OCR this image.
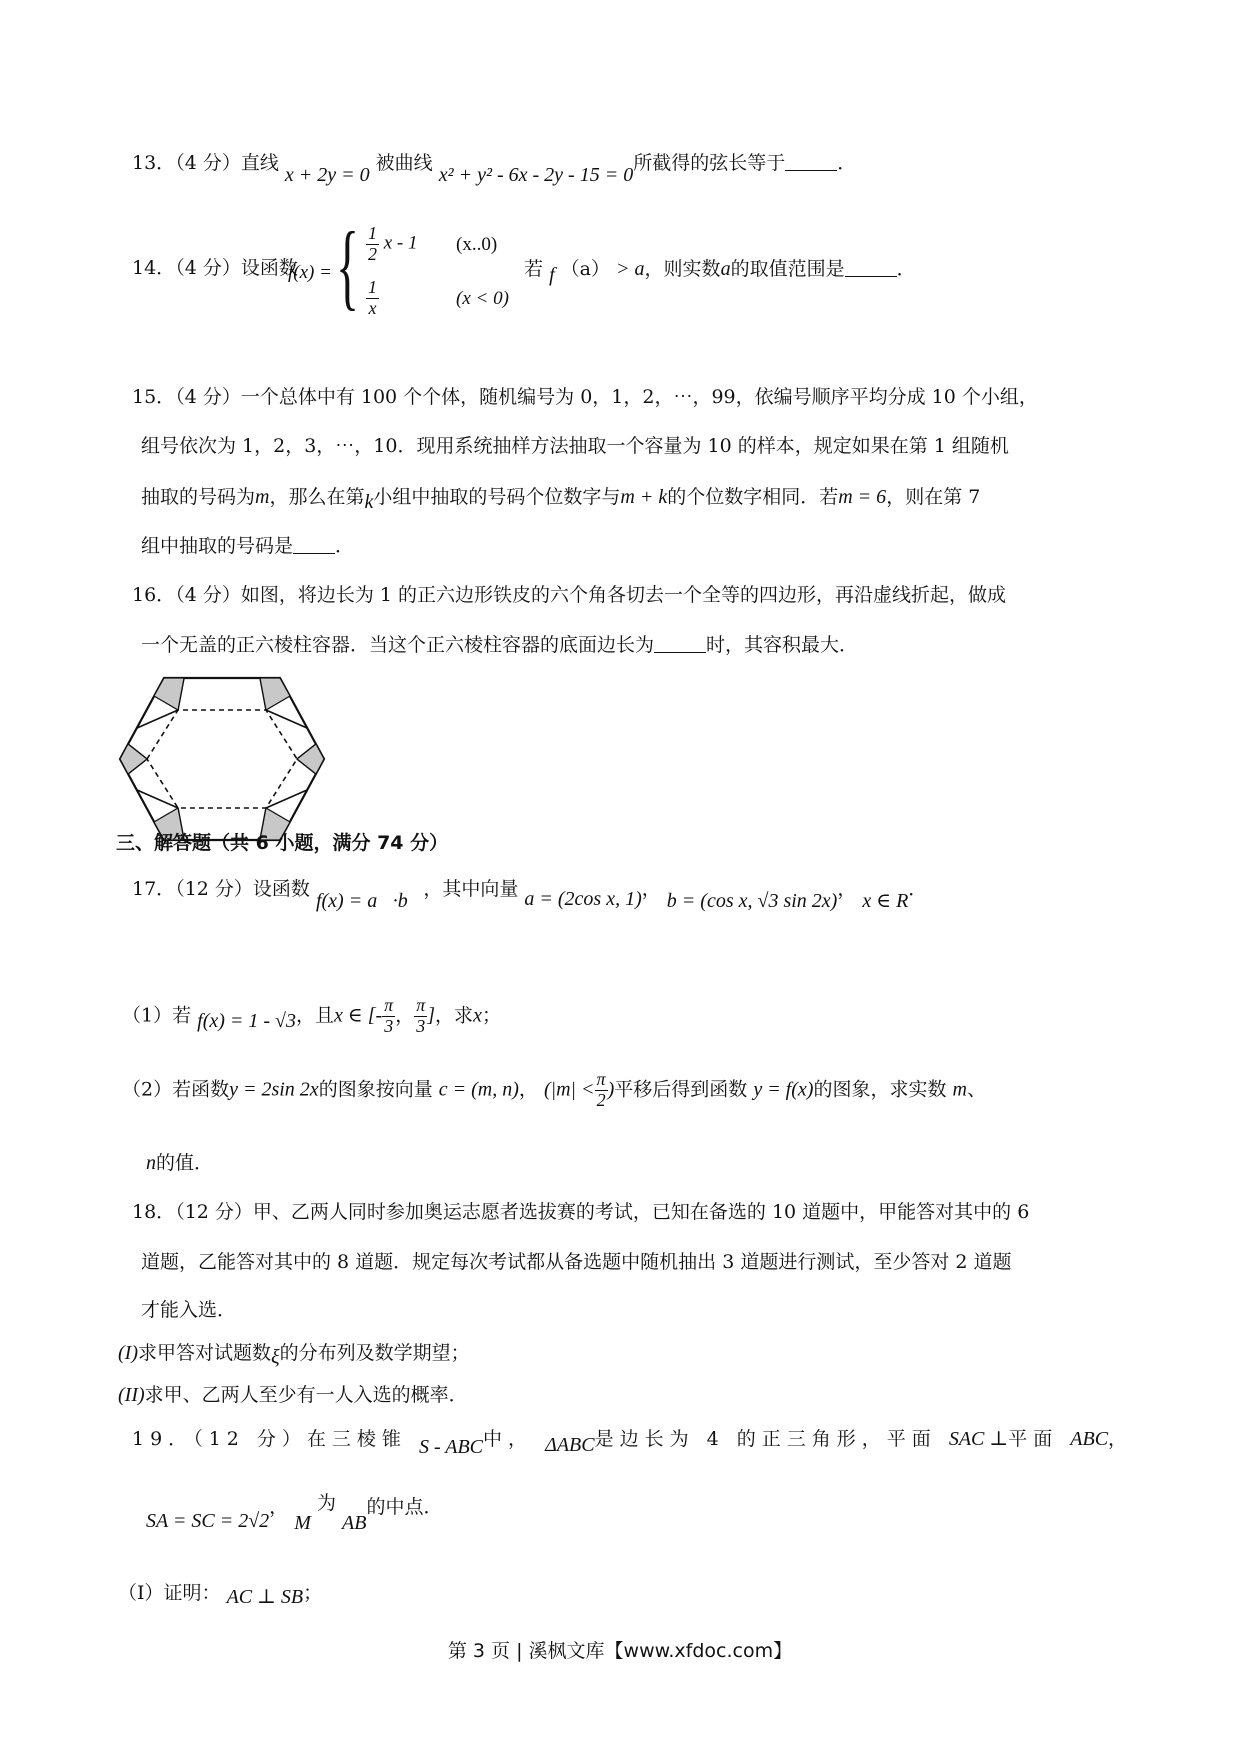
13．（4 分）直线 x + 2y = 0 被曲线 x² + y² - 6x - 2y - 15 = 0所截得的弦长等于	．
14．（4 分）设函数
f(x) = { $\frac{1}{2}$ x - 1 (x..0)
$\frac{1}{x}$	(x < 0)
若 f （a） > a，则实数a的取值范围是	．
15．（4 分）一个总体中有 100 个个体，随机编号为 0，1，2，⋯，99，依编号顺序平均分成 10 个小组，
组号依次为 1，2，3，⋯，10．现用系统抽样方法抽取一个容量为 10 的样本，规定如果在第 1 组随机
抽取的号码为m，那么在第k小组中抽取的号码个位数字与m + k的个位数字相同．若m = 6，则在第 7
组中抽取的号码是 ．
16．（4 分）如图，将边长为 1 的正六边形铁皮的六个角各切去一个全等的四边形，再沿虚线折起，做成
一个无盖的正六棱柱容器．当这个正六棱柱容器的底面边长为	时，其容积最大．
三、解答题（共 6 小题，满分 74 分）
17．（12 分）设函数 f(x) = a⃗·b⃗，其中向量 a = (2cos x, 1)， b = (cos x, √3 sin 2x)， x ∈ R．
（1）若 f(x) = 1 - √3，且x ∈ [- $\frac{\pi}{3}$ ， $\frac{\pi}{3}$ ]，求x；
（2）若函数y = 2sin 2x的图象按向量 c = (m, n)， ($|m| < \frac{\pi}{2}$ )平移后得到函数 y = f(x)的图象，求实数 m、
n的值．
18．（12 分）甲、乙两人同时参加奥运志愿者选拔赛的考试，已知在备选的 10 道题中，甲能答对其中的 6
道题，乙能答对其中的 8 道题．规定每次考试都从备选题中随机抽出 3 道题进行测试，至少答对 2 道题
才能入选．
(I)求甲答对试题数ξ的分布列及数学期望；
(II)求甲、乙两人至少有一人入选的概率．
19．（12 分）在三棱锥 S - ABC中， ΔABC是边长为 4 的正三角形，平面 SAC ⊥平面 ABC，
SA = SC = 2√2， M 为 AB的中点．
（Ⅰ）证明： AC ⊥ SB；
第 3 页 | 溪枫文库【www.xfdoc.com】
